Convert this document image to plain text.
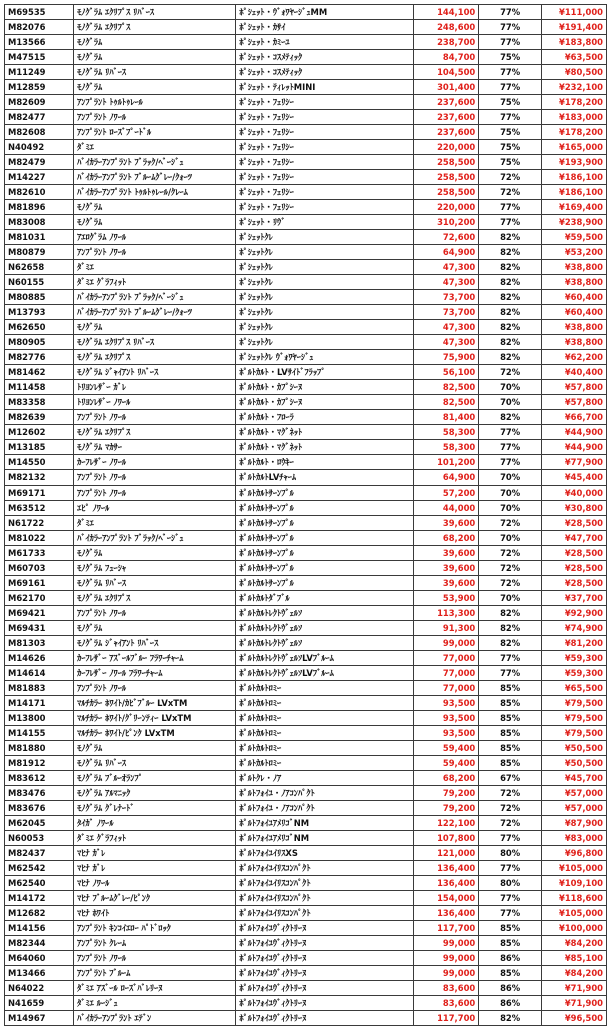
M69535	ﾓﾉｸﾞﾗﾑ ｴｸﾘﾌﾟｽ ﾘﾊﾞｰｽ	ﾎﾟｼｪｯﾄ・ｳﾞｫﾜﾔｰｼﾞｭMM	144,100	77%	¥111,000
M82076	ﾓﾉｸﾞﾗﾑ ｴｸﾘﾌﾟｽ	ﾎﾟｼｪｯﾄ・ｶｻｲ	248,600	77%	¥191,400
M13566	ﾓﾉｸﾞﾗﾑ	ﾎﾟｼｪｯﾄ・ｶﾐｰﾕ	238,700	77%	¥183,800
M47515	ﾓﾉｸﾞﾗﾑ	ﾎﾟｼｪｯﾄ・ｺｽﾒﾃｨｯｸ	84,700	75%	¥63,500
M11249	ﾓﾉｸﾞﾗﾑ ﾘﾊﾞｰｽ	ﾎﾟｼｪｯﾄ・ｺｽﾒﾃｨｯｸ	104,500	77%	¥80,500
M12859	ﾓﾉｸﾞﾗﾑ	ﾎﾟｼｪｯﾄ・ﾃｨﾚｯﾄMINI	301,400	77%	¥232,100
M82609	ｱﾝﾌﾟﾗﾝﾄ ﾄｩﾙﾄｩﾚｰﾙ	ﾎﾟｼｪｯﾄ・ﾌｪﾘｼｰ	237,600	75%	¥178,200
M82477	ｱﾝﾌﾟﾗﾝﾄ ﾉﾜｰﾙ	ﾎﾟｼｪｯﾄ・ﾌｪﾘｼｰ	237,600	77%	¥183,000
M82608	ｱﾝﾌﾟﾗﾝﾄ ﾛｰｽﾞﾌﾟｰﾄﾞﾙ	ﾎﾟｼｪｯﾄ・ﾌｪﾘｼｰ	237,600	75%	¥178,200
N40492	ﾀﾞﾐｴ	ﾎﾟｼｪｯﾄ・ﾌｪﾘｼｰ	220,000	75%	¥165,000
M82479	ﾊﾞｲｶﾗｰｱﾝﾌﾟﾗﾝﾄ ﾌﾞﾗｯｸ/ﾍﾞｰｼﾞｭ	ﾎﾟｼｪｯﾄ・ﾌｪﾘｼｰ	258,500	75%	¥193,900
M14227	ﾊﾞｲｶﾗｰｱﾝﾌﾟﾗﾝﾄ ﾌﾞﾙｰﾑｸﾞﾚｰ/ｸｫｰﾂ	ﾎﾟｼｪｯﾄ・ﾌｪﾘｼｰ	258,500	72%	¥186,100
M82610	ﾊﾞｲｶﾗｰｱﾝﾌﾟﾗﾝﾄ ﾄｩﾙﾄｩﾚｰﾙ/ｸﾚｰﾑ	ﾎﾟｼｪｯﾄ・ﾌｪﾘｼｰ	258,500	72%	¥186,100
M81896	ﾓﾉｸﾞﾗﾑ	ﾎﾟｼｪｯﾄ・ﾌｪﾘｼｰ	220,000	77%	¥169,400
M83008	ﾓﾉｸﾞﾗﾑ	ﾎﾟｼｪｯﾄ・ﾘｳﾞ	310,200	77%	¥238,900
M81031	ｱｴﾛｸﾞﾗﾑ ﾉﾜｰﾙ	ﾎﾟｼｪｯﾄｸﾚ	72,600	82%	¥59,500
M80879	ｱﾝﾌﾟﾗﾝﾄ ﾉﾜｰﾙ	ﾎﾟｼｪｯﾄｸﾚ	64,900	82%	¥53,200
N62658	ﾀﾞﾐｴ	ﾎﾟｼｪｯﾄｸﾚ	47,300	82%	¥38,800
N60155	ﾀﾞﾐｴ ｸﾞﾗﾌｨｯﾄ	ﾎﾟｼｪｯﾄｸﾚ	47,300	82%	¥38,800
M80885	ﾊﾞｲｶﾗｰｱﾝﾌﾟﾗﾝﾄ ﾌﾞﾗｯｸ/ﾍﾞｰｼﾞｭ	ﾎﾟｼｪｯﾄｸﾚ	73,700	82%	¥60,400
M13793	ﾊﾞｲｶﾗｰｱﾝﾌﾟﾗﾝﾄ ﾌﾞﾙｰﾑｸﾞﾚｰ/ｸｫｰﾂ	ﾎﾟｼｪｯﾄｸﾚ	73,700	82%	¥60,400
M62650	ﾓﾉｸﾞﾗﾑ	ﾎﾟｼｪｯﾄｸﾚ	47,300	82%	¥38,800
M80905	ﾓﾉｸﾞﾗﾑ ｴｸﾘﾌﾟｽ ﾘﾊﾞｰｽ	ﾎﾟｼｪｯﾄｸﾚ	47,300	82%	¥38,800
M82776	ﾓﾉｸﾞﾗﾑ ｴｸﾘﾌﾟｽ	ﾎﾟｼｪｯﾄｸﾚ ｳﾞｫﾜﾔｰｼﾞｭ	75,900	82%	¥62,200
M81462	ﾓﾉｸﾞﾗﾑ ｼﾞｬｲｱﾝﾄ ﾘﾊﾞｰｽ	ﾎﾟﾙﾄｶﾙﾄ・LVｻｲﾄﾞﾌﾗｯﾌﾟ	56,100	72%	¥40,400
M11458	ﾄﾘﾖﾝﾚｻﾞｰ ｶﾞﾚ	ﾎﾟﾙﾄｶﾙﾄ・ｶﾌﾟｼｰﾇ	82,500	70%	¥57,800
M83358	ﾄﾘﾖﾝﾚｻﾞｰ ﾉﾜｰﾙ	ﾎﾟﾙﾄｶﾙﾄ・ｶﾌﾟｼｰﾇ	82,500	70%	¥57,800
M82639	ｱﾝﾌﾟﾗﾝﾄ ﾉﾜｰﾙ	ﾎﾟﾙﾄｶﾙﾄ・ﾌﾛｰﾗ	81,400	82%	¥66,700
M12602	ﾓﾉｸﾞﾗﾑ ｴｸﾘﾌﾟｽ	ﾎﾟﾙﾄｶﾙﾄ・ﾏｸﾞﾈｯﾄ	58,300	77%	¥44,900
M13185	ﾓﾉｸﾞﾗﾑ ﾏｶｻｰ	ﾎﾟﾙﾄｶﾙﾄ・ﾏｸﾞﾈｯﾄ	58,300	77%	¥44,900
M14550	ｶｰﾌﾚｻﾞｰ ﾉﾜｰﾙ	ﾎﾟﾙﾄｶﾙﾄ・ﾛｳｷｰ	101,200	77%	¥77,900
M82132	ｱﾝﾌﾟﾗﾝﾄ ﾉﾜｰﾙ	ﾎﾟﾙﾄｶﾙﾄLVﾁｬｰﾑ	64,900	70%	¥45,400
M69171	ｱﾝﾌﾟﾗﾝﾄ ﾉﾜｰﾙ	ﾎﾟﾙﾄｶﾙﾄｻｰﾝﾌﾟﾙ	57,200	70%	¥40,000
M63512	ｴﾋﾟ ﾉﾜｰﾙ	ﾎﾟﾙﾄｶﾙﾄｻｰﾝﾌﾟﾙ	44,000	70%	¥30,800
N61722	ﾀﾞﾐｴ	ﾎﾟﾙﾄｶﾙﾄｻｰﾝﾌﾟﾙ	39,600	72%	¥28,500
M81022	ﾊﾞｲｶﾗｰｱﾝﾌﾟﾗﾝﾄ ﾌﾞﾗｯｸ/ﾍﾞｰｼﾞｭ	ﾎﾟﾙﾄｶﾙﾄｻｰﾝﾌﾟﾙ	68,200	70%	¥47,700
M61733	ﾓﾉｸﾞﾗﾑ	ﾎﾟﾙﾄｶﾙﾄｻｰﾝﾌﾟﾙ	39,600	72%	¥28,500
M60703	ﾓﾉｸﾞﾗﾑ ﾌｭｰｼｬ	ﾎﾟﾙﾄｶﾙﾄｻｰﾝﾌﾟﾙ	39,600	72%	¥28,500
M69161	ﾓﾉｸﾞﾗﾑ ﾘﾊﾞｰｽ	ﾎﾟﾙﾄｶﾙﾄｻｰﾝﾌﾟﾙ	39,600	72%	¥28,500
M62170	ﾓﾉｸﾞﾗﾑ ｴｸﾘﾌﾟｽ	ﾎﾟﾙﾄｶﾙﾄﾀﾞﾌﾞﾙ	53,900	70%	¥37,700
M69421	ｱﾝﾌﾟﾗﾝﾄ ﾉﾜｰﾙ	ﾎﾟﾙﾄｶﾙﾄﾚｸﾄｳﾞｪﾙｿ	113,300	82%	¥92,900
M69431	ﾓﾉｸﾞﾗﾑ	ﾎﾟﾙﾄｶﾙﾄﾚｸﾄｳﾞｪﾙｿ	91,300	82%	¥74,900
M81303	ﾓﾉｸﾞﾗﾑ ｼﾞｬｲｱﾝﾄ ﾘﾊﾞｰｽ	ﾎﾟﾙﾄｶﾙﾄﾚｸﾄｳﾞｪﾙｿ	99,000	82%	¥81,200
M14626	ｶｰﾌﾚｻﾞｰ ｱｽﾞｰﾙﾌﾞﾙｰ ﾌﾗﾜｰﾁｬｰﾑ	ﾎﾟﾙﾄｶﾙﾄﾚｸﾄｳﾞｪﾙｿLVﾌﾞﾙｰﾑ	77,000	77%	¥59,300
M14614	ｶｰﾌﾚｻﾞｰ ﾉﾜｰﾙ ﾌﾗﾜｰﾁｬｰﾑ	ﾎﾟﾙﾄｶﾙﾄﾚｸﾄｳﾞｪﾙｿLVﾌﾞﾙｰﾑ	77,000	77%	¥59,300
M81883	ｱﾝﾌﾟﾗﾝﾄ ﾉﾜｰﾙ	ﾎﾟﾙﾄｶﾙﾄﾛﾐｰ	77,000	85%	¥65,500
M14171	ﾏﾙﾁｶﾗｰ ﾎﾜｲﾄ/ｶﾋﾞﾌﾞﾙｰ LVxTM	ﾎﾟﾙﾄｶﾙﾄﾛﾐｰ	93,500	85%	¥79,500
M13800	ﾏﾙﾁｶﾗｰ ﾎﾜｲﾄ/ｸﾞﾘｰﾝﾃｨｰ LVxTM	ﾎﾟﾙﾄｶﾙﾄﾛﾐｰ	93,500	85%	¥79,500
M14155	ﾏﾙﾁｶﾗｰ ﾎﾜｲﾄ/ﾋﾟﾝｸ LVxTM	ﾎﾟﾙﾄｶﾙﾄﾛﾐｰ	93,500	85%	¥79,500
M81880	ﾓﾉｸﾞﾗﾑ	ﾎﾟﾙﾄｶﾙﾄﾛﾐｰ	59,400	85%	¥50,500
M81912	ﾓﾉｸﾞﾗﾑ ﾘﾊﾞｰｽ	ﾎﾟﾙﾄｶﾙﾄﾛﾐｰ	59,400	85%	¥50,500
M83612	ﾓﾉｸﾞﾗﾑ ﾌﾞﾙｰｵﾗﾝﾌﾟ	ﾎﾟﾙﾄｸﾚ・ﾉｱ	68,200	67%	¥45,700
M83476	ﾓﾉｸﾞﾗﾑ ｱﾙﾏﾆｯｸ	ﾎﾟﾙﾄﾌｫｲﾕ・ﾉｱｺﾝﾊﾟｸﾄ	79,200	72%	¥57,000
M83676	ﾓﾉｸﾞﾗﾑ ｸﾞﾚﾅｰﾄﾞ	ﾎﾟﾙﾄﾌｫｲﾕ・ﾉｱｺﾝﾊﾟｸﾄ	79,200	72%	¥57,000
M62045	ﾀｲｶﾞ ﾉﾜｰﾙ	ﾎﾟﾙﾄﾌｫｲﾕｱﾒﾘｺﾞNM	122,100	72%	¥87,900
N60053	ﾀﾞﾐｴ ｸﾞﾗﾌｨｯﾄ	ﾎﾟﾙﾄﾌｫｲﾕｱﾒﾘｺﾞNM	107,800	77%	¥83,000
M82437	ﾏﾋﾅ ｶﾞﾚ	ﾎﾟﾙﾄﾌｫｲﾕｲﾘｽXS	121,000	80%	¥96,800
M62542	ﾏﾋﾅ ｶﾞﾚ	ﾎﾟﾙﾄﾌｫｲﾕｲﾘｽｺﾝﾊﾟｸﾄ	136,400	77%	¥105,000
M62540	ﾏﾋﾅ ﾉﾜｰﾙ	ﾎﾟﾙﾄﾌｫｲﾕｲﾘｽｺﾝﾊﾟｸﾄ	136,400	80%	¥109,100
M14172	ﾏﾋﾅ ﾌﾞﾙｰﾑｸﾞﾚｰ/ﾋﾟﾝｸ	ﾎﾟﾙﾄﾌｫｲﾕｲﾘｽｺﾝﾊﾟｸﾄ	154,000	77%	¥118,600
M12682	ﾏﾋﾅ ﾎﾜｲﾄ	ﾎﾟﾙﾄﾌｫｲﾕｲﾘｽｺﾝﾊﾟｸﾄ	136,400	77%	¥105,000
M14156	ｱﾝﾌﾟﾗﾝﾄ ｷﾝｺｲｴﾛｰ ﾊﾟﾄﾞﾛｯｸ	ﾎﾟﾙﾄﾌｫｲﾕｳﾞｨｸﾄﾘｰﾇ	117,700	85%	¥100,000
M82344	ｱﾝﾌﾟﾗﾝﾄ ｸﾚｰﾑ	ﾎﾟﾙﾄﾌｫｲﾕｳﾞｨｸﾄﾘｰﾇ	99,000	85%	¥84,200
M64060	ｱﾝﾌﾟﾗﾝﾄ ﾉﾜｰﾙ	ﾎﾟﾙﾄﾌｫｲﾕｳﾞｨｸﾄﾘｰﾇ	99,000	86%	¥85,100
M13466	ｱﾝﾌﾟﾗﾝﾄ ﾌﾞﾙｰﾑ	ﾎﾟﾙﾄﾌｫｲﾕｳﾞｨｸﾄﾘｰﾇ	99,000	85%	¥84,200
N64022	ﾀﾞﾐｴ ｱｽﾞｰﾙ ﾛｰｽﾞﾊﾞﾚﾘｰﾇ	ﾎﾟﾙﾄﾌｫｲﾕｳﾞｨｸﾄﾘｰﾇ	83,600	86%	¥71,900
N41659	ﾀﾞﾐｴ ﾙｰｼﾞｭ	ﾎﾟﾙﾄﾌｫｲﾕｳﾞｨｸﾄﾘｰﾇ	83,600	86%	¥71,900
M14967	ﾊﾞｲｶﾗｰｱﾝﾌﾟﾗﾝﾄ ｴﾃﾞﾝ	ﾎﾟﾙﾄﾌｫｲﾕｳﾞｨｸﾄﾘｰﾇ	117,700	82%	¥96,500
